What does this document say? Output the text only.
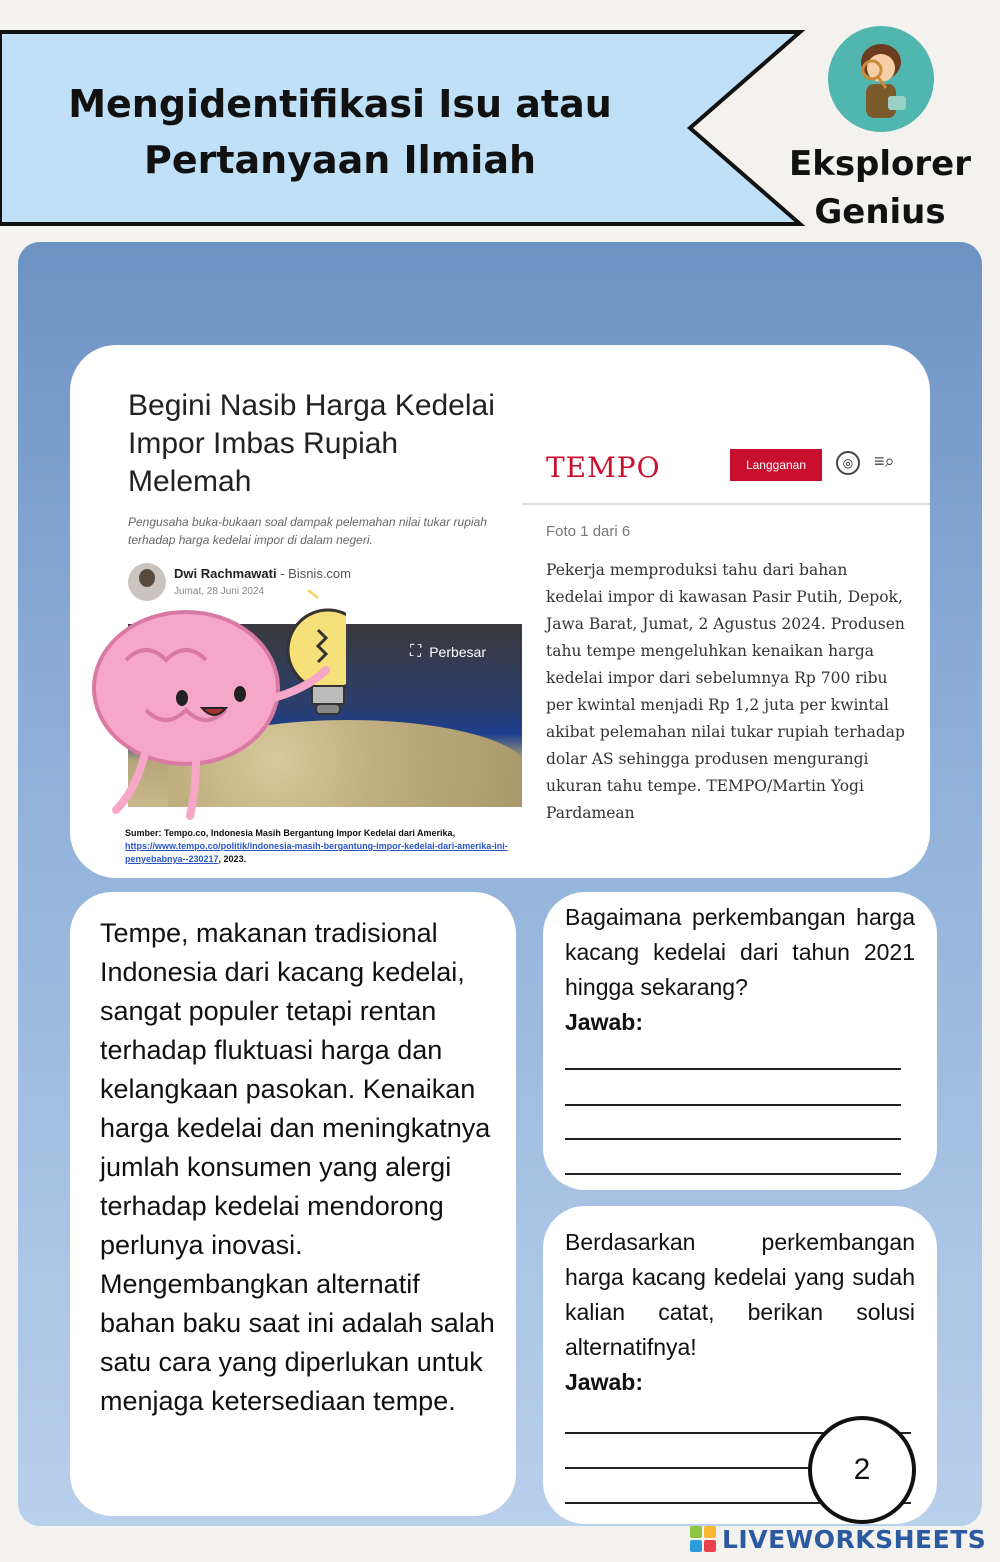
Mengidentifikasi Isu atau
Pertanyaan Ilmiah	Eksplorer
Genius
Begini Nasib Harga Kedelai Impor Imbas Rupiah Melemah
Pengusaha buka-bukaan soal dampak pelemahan nilai tukar rupiah terhadap harga kedelai impor di dalam negeri.
Dwi Rachmawati - Bisnis.com
Jumat, 28 Juni 2024
⛶ Perbesar
Sumber: Tempo.co, Indonesia Masih Bergantung Impor Kedelai dari Amerika, https://www.tempo.co/politik/indonesia-masih-bergantung-impor-kedelai-dari-amerika-ini-penyebabnya--230217, 2023.
TEMPO	Langganan	◎	≡⌕
Foto 1 dari 6
Pekerja memproduksi tahu dari bahan kedelai impor di kawasan Pasir Putih, Depok, Jawa Barat, Jumat, 2 Agustus 2024. Produsen tahu tempe mengeluhkan kenaikan harga kedelai impor dari sebelumnya Rp 700 ribu per kwintal menjadi Rp 1,2 juta per kwintal akibat pelemahan nilai tukar rupiah terhadap dolar AS sehingga produsen mengurangi ukuran tahu tempe. TEMPO/Martin Yogi Pardamean
Tempe, makanan tradisional Indonesia dari kacang kedelai, sangat populer tetapi rentan terhadap fluktuasi harga dan kelangkaan pasokan. Kenaikan harga kedelai dan meningkatnya jumlah konsumen yang alergi terhadap kedelai mendorong perlunya inovasi. Mengembangkan alternatif bahan baku saat ini adalah salah satu cara yang diperlukan untuk menjaga ketersediaan tempe.
Bagaimana perkembangan harga kacang kedelai dari tahun 2021 hingga sekarang?
Jawab:
Berdasarkan perkembangan harga kacang kedelai yang sudah kalian catat, berikan solusi alternatifnya!
Jawab:
2
LIVEWORKSHEETS
